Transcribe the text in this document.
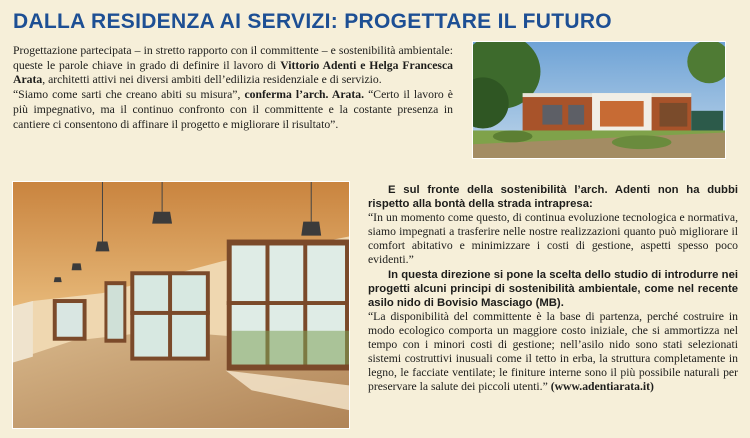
DALLA RESIDENZA AI SERVIZI: PROGETTARE IL FUTURO

Progettazione partecipata – in stretto rapporto con il committente – e sostenibilità ambientale: queste le parole chiave in grado di definire il lavoro di Vittorio Adenti e Helga Francesca Arata, architetti attivi nei diversi ambiti dell’edilizia residenziale e di servizio.

“Siamo come sarti che creano abiti su misura”, conferma l’arch. Arata. “Certo il lavoro è più impegnativo, ma il continuo confronto con il committente e la costante presenza in cantiere ci consentono di affinare il progetto e migliorare il risultato”.

E sul fronte della sostenibilità l’arch. Adenti non ha dubbi rispetto alla bontà della strada intrapresa:

“In un momento come questo, di continua evoluzione tecnologica e normativa, siamo impegnati a trasferire nelle nostre realizzazioni quanto può migliorare il comfort abitativo e minimizzare i costi di gestione, aspetti spesso poco evidenti.”

In questa direzione si pone la scelta dello studio di introdurre nei progetti alcuni principi di sostenibilità ambientale, come nel recente asilo nido di Bovisio Masciago (MB).

“La disponibilità del committente è la base di partenza, perché costruire in modo ecologico comporta un maggiore costo iniziale, che si ammortizza nel tempo con i minori costi di gestione; nell’asilo nido sono stati selezionati sistemi costruttivi inusuali come il tetto in erba, la struttura completamente in legno, le facciate ventilate; le finiture interne sono il più possibile naturali per preservare la salute dei piccoli utenti.” (www.adentiarata.it)
